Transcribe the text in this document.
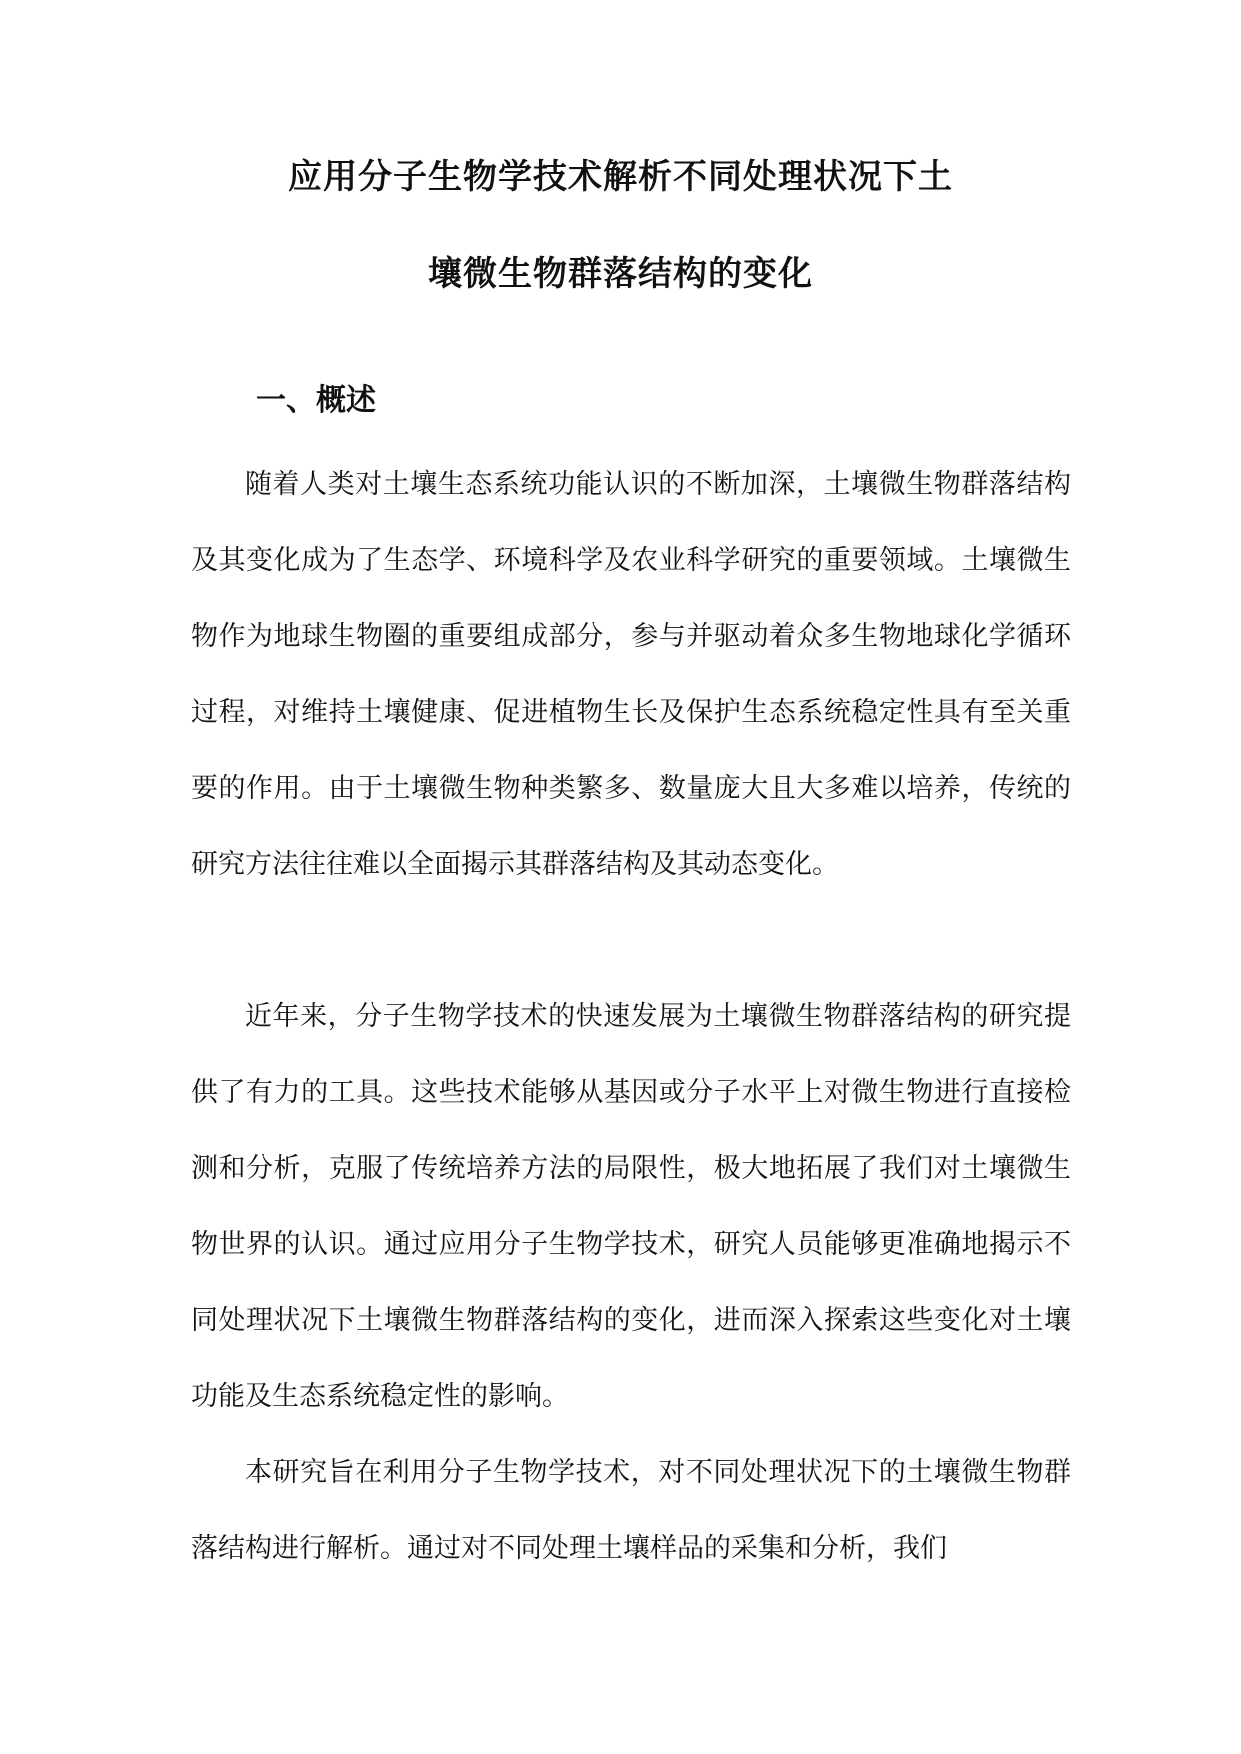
应用分子生物学技术解析不同处理状况下土
壤微生物群落结构的变化
一、概述

随着人类对土壤生态系统功能认识的不断加深，土壤微生物群落结构及其变化成为了生态学、环境科学及农业科学研究的重要领域。土壤微生物作为地球生物圈的重要组成部分，参与并驱动着众多生物地球化学循环过程，对维持土壤健康、促进植物生长及保护生态系统稳定性具有至关重要的作用。由于土壤微生物种类繁多、数量庞大且大多难以培养，传统的研究方法往往难以全面揭示其群落结构及其动态变化。

近年来，分子生物学技术的快速发展为土壤微生物群落结构的研究提供了有力的工具。这些技术能够从基因或分子水平上对微生物进行直接检测和分析，克服了传统培养方法的局限性，极大地拓展了我们对土壤微生物世界的认识。通过应用分子生物学技术，研究人员能够更准确地揭示不同处理状况下土壤微生物群落结构的变化，进而深入探索这些变化对土壤功能及生态系统稳定性的影响。

本研究旨在利用分子生物学技术，对不同处理状况下的土壤微生物群落结构进行解析。通过对不同处理土壤样品的采集和分析，我们
